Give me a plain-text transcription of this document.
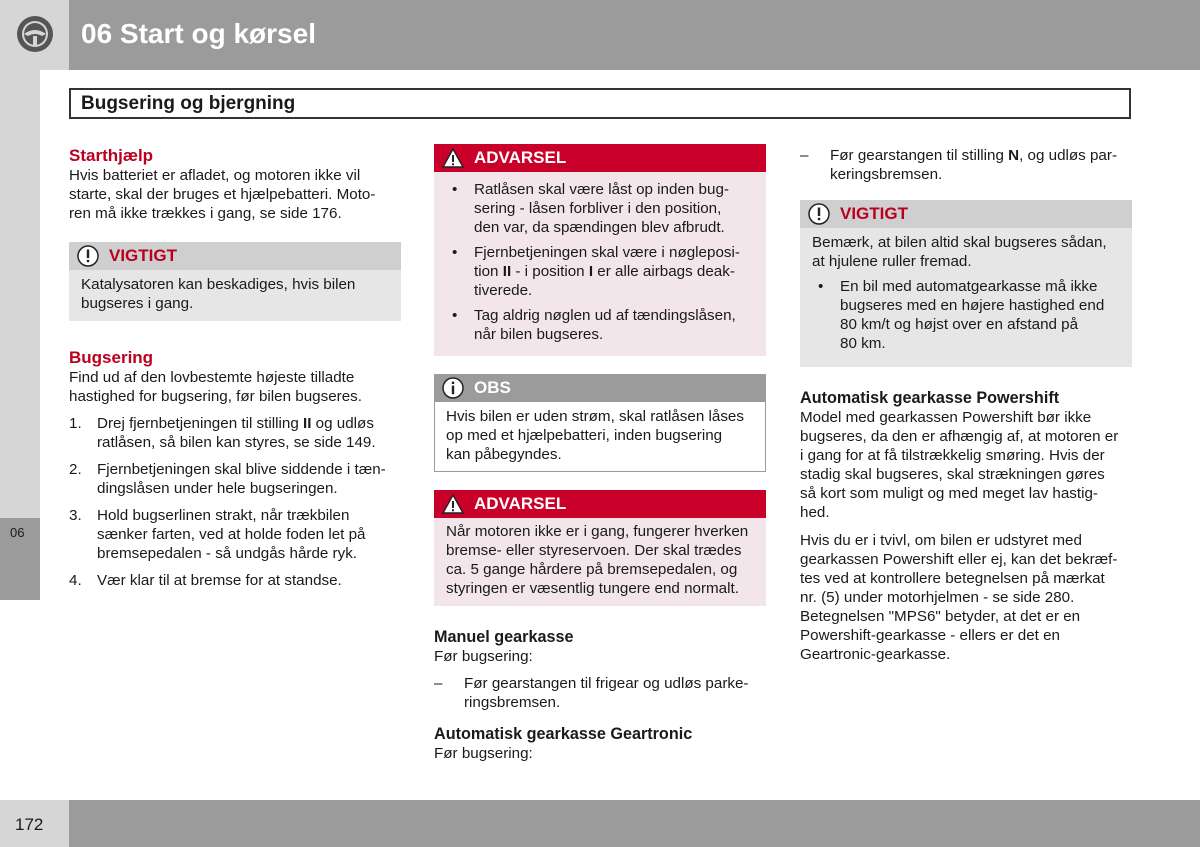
06 Start og kørsel
Bugsering og bjergning
06
Starthjælp

Hvis batteriet er afladet, og motoren ikke vil
starte, skal der bruges et hjælpebatteri. Moto-
ren må ikke trækkes i gang, se side 176.

VIGTIGT
Katalysatoren kan beskadiges, hvis bilen
bugseres i gang.
Bugsering

Find ud af den lovbestemte højeste tilladte
hastighed for bugsering, før bilen bugseres.

1. Drej fjernbetjeningen til stilling II og udløs
ratlåsen, så bilen kan styres, se side 149.
2. Fjernbetjeningen skal blive siddende i tæn-
dingslåsen under hele bugseringen.
3. Hold bugserlinen strakt, når trækbilen
sænker farten, ved at holde foden let på
bremsepedalen - så undgås hårde ryk.
4. Vær klar til at bremse for at standse.
ADVARSEL
• Ratlåsen skal være låst op inden bug-
sering - låsen forbliver i den position,
den var, da spændingen blev afbrudt.
• Fjernbetjeningen skal være i nøgleposi-
tion II - i position I er alle airbags deak-
tiverede.
• Tag aldrig nøglen ud af tændingslåsen,
når bilen bugseres.
OBS
Hvis bilen er uden strøm, skal ratlåsen låses
op med et hjælpebatteri, inden bugsering
kan påbegyndes.
ADVARSEL
Når motoren ikke er i gang, fungerer hverken
bremse- eller styreservoen. Der skal trædes
ca. 5 gange hårdere på bremsepedalen, og
styringen er væsentlig tungere end normalt.
Manuel gearkasse

Før bugsering:

– Før gearstangen til frigear og udløs parke-
ringsbremsen.
Automatisk gearkasse Geartronic

Før bugsering:

– Før gearstangen til stilling N, og udløs par-
keringsbremsen.
VIGTIGT
Bemærk, at bilen altid skal bugseres sådan,
at hjulene ruller fremad.
• En bil med automatgearkasse må ikke
bugseres med en højere hastighed end
80 km/t og højst over en afstand på
80 km.
Automatisk gearkasse Powershift

Model med gearkassen Powershift bør ikke
bugseres, da den er afhængig af, at motoren er
i gang for at få tilstrækkelig smøring. Hvis der
stadig skal bugseres, skal strækningen gøres
så kort som muligt og med meget lav hastig-
hed.

Hvis du er i tvivl, om bilen er udstyret med
gearkassen Powershift eller ej, kan det bekræf-
tes ved at kontrollere betegnelsen på mærkat
nr. (5) under motorhjelmen - se side 280.
Betegnelsen "MPS6" betyder, at det er en
Powershift-gearkasse - ellers er det en
Geartronic-gearkasse.

172
